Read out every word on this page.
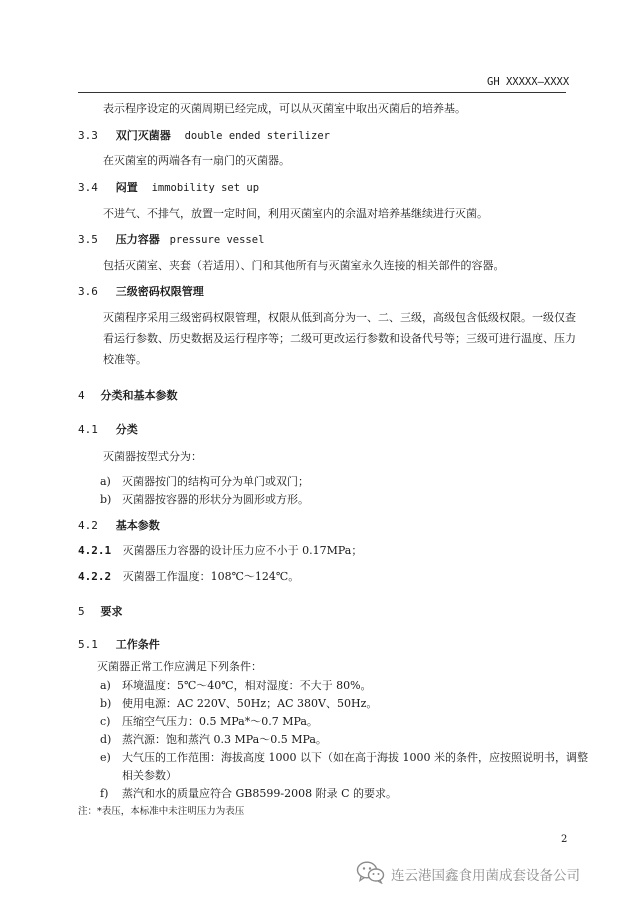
GH XXXXX—XXXX
表示程序设定的灭菌周期已经完成，可以从灭菌室中取出灭菌后的培养基。
3.3 双门灭菌器 double ended sterilizer
在灭菌室的两端各有一扇门的灭菌器。
3.4 闷置 immobility set up
不进气、不排气，放置一定时间，利用灭菌室内的余温对培养基继续进行灭菌。
3.5 压力容器 pressure vessel
包括灭菌室、夹套（若适用）、门和其他所有与灭菌室永久连接的相关部件的容器。
3.6 三级密码权限管理
灭菌程序采用三级密码权限管理，权限从低到高分为一、二、三级，高级包含低级权限。一级仅查
看运行参数、历史数据及运行程序等；二级可更改运行参数和设备代号等；三级可进行温度、压力
校准等。
4 分类和基本参数
4.1 分类
灭菌器按型式分为：
a) 灭菌器按门的结构可分为单门或双门；
b) 灭菌器按容器的形状分为圆形或方形。
4.2 基本参数
4.2.1 灭菌器压力容器的设计压力应不小于 0.17MPa；
4.2.2 灭菌器工作温度：108℃～124℃。
5 要求
5.1 工作条件
灭菌器正常工作应满足下列条件：
a) 环境温度：5℃～40℃，相对湿度：不大于 80%。
b) 使用电源：AC 220V、50Hz；AC 380V、50Hz。
c) 压缩空气压力：0.5 MPa*～0.7 MPa。
d) 蒸汽源：饱和蒸汽 0.3 MPa～0.5 MPa。
e) 大气压的工作范围：海拔高度 1000 以下（如在高于海拔 1000 米的条件，应按照说明书，调整
相关参数）
f) 蒸汽和水的质量应符合 GB8599-2008 附录 C 的要求。
注：*表压，本标准中未注明压力为表压
2
连云港国鑫食用菌成套设备公司
